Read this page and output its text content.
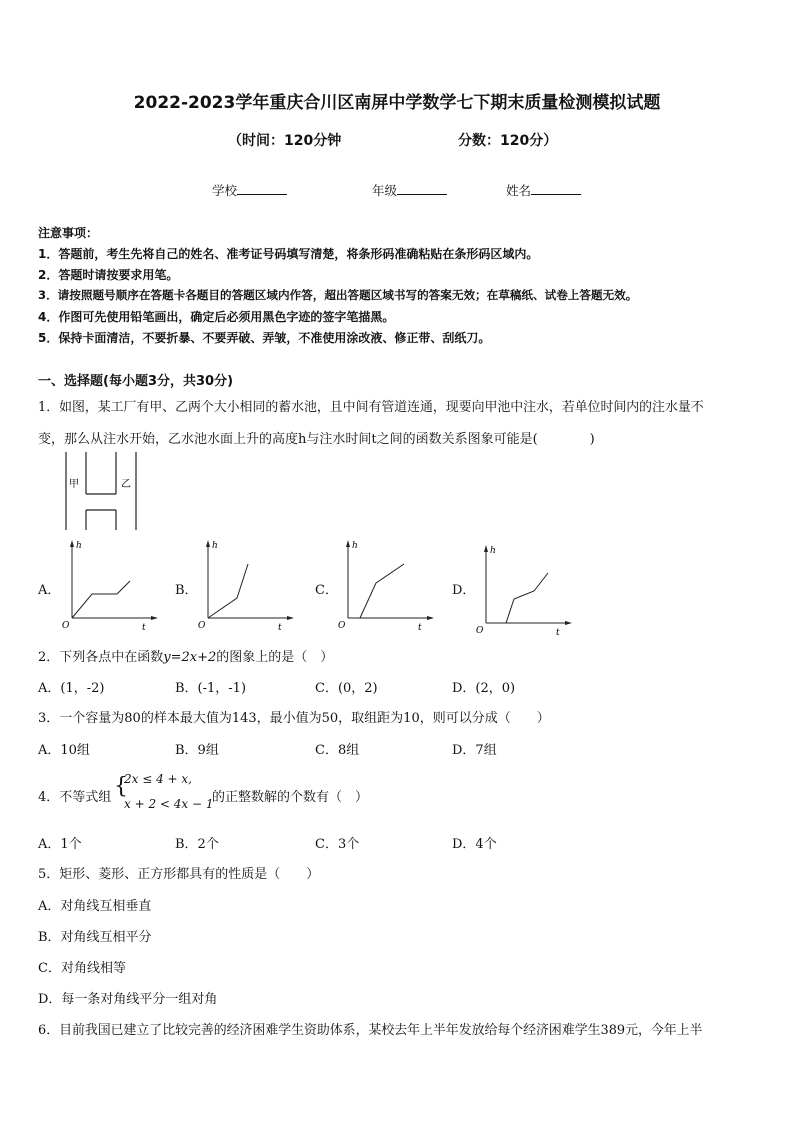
2022-2023学年重庆合川区南屏中学数学七下期末质量检测模拟试题
（时间：120分钟	分数：120分）
学校	年级	姓名
注意事项：
1．答题前，考生先将自己的姓名、准考证号码填写清楚，将条形码准确粘贴在条形码区域内。
2．答题时请按要求用笔。
3．请按照题号顺序在答题卡各题目的答题区域内作答，超出答题区域书写的答案无效；在草稿纸、试卷上答题无效。
4．作图可先使用铅笔画出，确定后必须用黑色字迹的签字笔描黑。
5．保持卡面清洁，不要折暴、不要弄破、弄皱，不准使用涂改液、修正带、刮纸刀。
一、选择题(每小题3分，共30分)
1．如图，某工厂有甲、乙两个大小相同的蓄水池，且中间有管道连通，现要向甲池中注水，若单位时间内的注水量不
变，那么从注水开始，乙水池水面上升的高度h与注水时间t之间的函数关系图象可能是(　　　　)
甲	乙
A．
h
t
O
B．
h
t
O
C．
h
t
O
D．
h
t
O
2．下列各点中在函数y=2x+2的图象上的是（　）
A．(1，-2)	B．(-1，-1)	C．(0，2)	D．(2，0)
3．一个容量为80的样本最大值为143，最小值为50，取组距为10，则可以分成（　　）
A．10组	B．9组	C．8组	D．7组
4．不等式组 {
2x ≤ 4 + x,
x + 2 < 4x − 1
的正整数解的个数有（　）
A．1个	B．2个	C．3个	D．4个
5．矩形、菱形、正方形都具有的性质是（　　）
A．对角线互相垂直
B．对角线互相平分
C．对角线相等
D．每一条对角线平分一组对角
6．目前我国已建立了比较完善的经济困难学生资助体系，某校去年上半年发放给每个经济困难学生389元，今年上半
